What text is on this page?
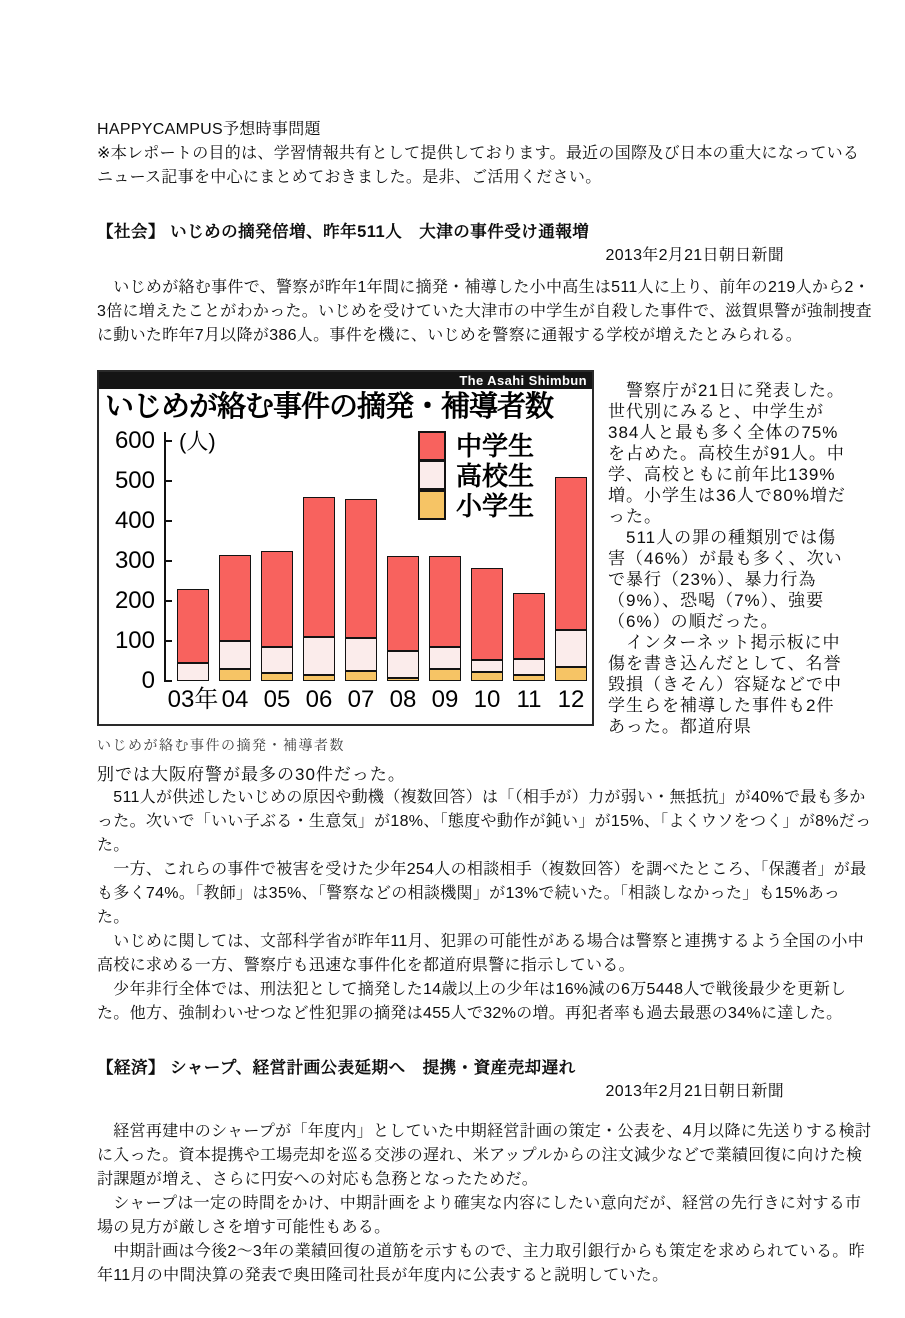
HAPPYCAMPUS予想時事問題

※本レポートの目的は、学習情報共有として提供しております。最近の国際及び日本の重大になっているニュース記事を中心にまとめておきました。是非、ご活用ください。

【社会】 いじめの摘発倍増、昨年511人　大津の事件受け通報増

2013年2月21日朝日新聞

　いじめが絡む事件で、警察が昨年1年間に摘発・補導した小中高生は511人に上り、前年の219人から2・3倍に増えたことがわかった。いじめを受けていた大津市の中学生が自殺した事件で、滋賀県警が強制捜査に動いた昨年7月以降が386人。事件を機に、いじめを警察に通報する学校が増えたとみられる。

The Asahi Shimbun
いじめが絡む事件の摘発・補導者数
0
100
200
300
400
500
600 (人)
03年 04 05 06 07 08 09 10 11 12
中学生
高校生
小学生
いじめが絡む事件の摘発・補導者数

　警察庁が21日に発表した。世代別にみると、中学生が384人と最も多く全体の75%を占めた。高校生が91人。中学、高校ともに前年比139%増。小学生は36人で80%増だった。

　511人の罪の種類別では傷害（46%）が最も多く、次いで暴行（23%）、暴力行為（9%）、恐喝（7%）、強要（6%）の順だった。

　インターネット掲示板に中傷を書き込んだとして、名誉毀損（きそん）容疑などで中学生らを補導した事件も2件あった。都道府県

別では大阪府警が最多の30件だった。

　511人が供述したいじめの原因や動機（複数回答）は「（相手が）力が弱い・無抵抗」が40%で最も多かった。次いで「いい子ぶる・生意気」が18%、「態度や動作が鈍い」が15%、「よくウソをつく」が8%だった。

　一方、これらの事件で被害を受けた少年254人の相談相手（複数回答）を調べたところ、「保護者」が最も多く74%。「教師」は35%、「警察などの相談機関」が13%で続いた。「相談しなかった」も15%あった。

　いじめに関しては、文部科学省が昨年11月、犯罪の可能性がある場合は警察と連携するよう全国の小中高校に求める一方、警察庁も迅速な事件化を都道府県警に指示している。

　少年非行全体では、刑法犯として摘発した14歳以上の少年は16%減の6万5448人で戦後最少を更新した。他方、強制わいせつなど性犯罪の摘発は455人で32%の増。再犯者率も過去最悪の34%に達した。

【経済】 シャープ、経営計画公表延期へ　提携・資産売却遅れ

2013年2月21日朝日新聞

　経営再建中のシャープが「年度内」としていた中期経営計画の策定・公表を、4月以降に先送りする検討に入った。資本提携や工場売却を巡る交渉の遅れ、米アップルからの注文減少などで業績回復に向けた検討課題が増え、さらに円安への対応も急務となったためだ。

　シャープは一定の時間をかけ、中期計画をより確実な内容にしたい意向だが、経営の先行きに対する市場の見方が厳しさを増す可能性もある。

　中期計画は今後2〜3年の業績回復の道筋を示すもので、主力取引銀行からも策定を求められている。昨年11月の中間決算の発表で奥田隆司社長が年度内に公表すると説明していた。
